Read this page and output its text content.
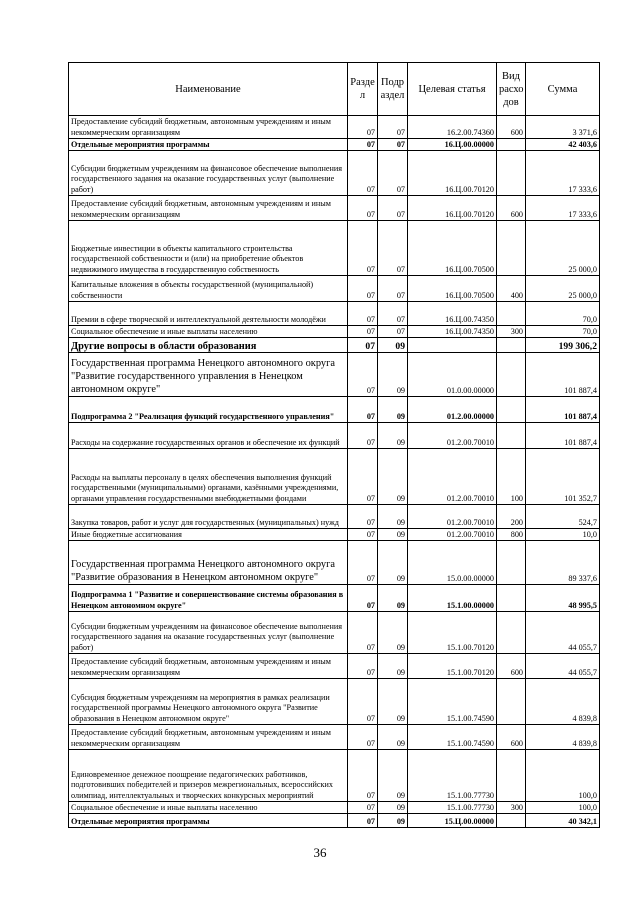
Наименование	Разде л	Подр аздел	Целевая статья	Вид расхо дов	Сумма
Предоставление субсидий бюджетным, автономным учреждениям и иным некоммерческим организациям	07	07	16.2.00.74360	600	3 371,6
Отдельные мероприятия программы	07	07	16.Ц.00.00000		42 403,6
Субсидии бюджетным учреждениям на финансовое обеспечение выполнения государственного задания на оказание государственных услуг (выполнение работ)	07	07	16.Ц.00.70120		17 333,6
Предоставление субсидий бюджетным, автономным учреждениям и иным некоммерческим организациям	07	07	16.Ц.00.70120	600	17 333,6
Бюджетные инвестиции в объекты капитального строительства государственной собственности и (или) на приобретение объектов недвижимого имущества в государственную собственность	07	07	16.Ц.00.70500		25 000,0
Капитальные вложения в объекты государственной (муниципальной) собственности	07	07	16.Ц.00.70500	400	25 000,0
Премии в сфере творческой и интеллектуальной деятельности молодёжи	07	07	16.Ц.00.74350		70,0
Социальное обеспечение и иные выплаты населению	07	07	16.Ц.00.74350	300	70,0
Другие вопросы в области образования	07	09			199 306,2
Государственная программа Ненецкого автономного округа "Развитие государственного управления в Ненецком автономном округе"	07	09	01.0.00.00000		101 887,4
Подпрограмма 2 "Реализация функций государственного управления"	07	09	01.2.00.00000		101 887,4
Расходы на содержание государственных органов и обеспечение их функций	07	09	01.2.00.70010		101 887,4
Расходы на выплаты персоналу в целях обеспечения выполнения функций государственными (муниципальными) органами, казёнными учреждениями, органами управления государственными внебюджетными фондами	07	09	01.2.00.70010	100	101 352,7
Закупка товаров, работ и услуг для государственных (муниципальных) нужд	07	09	01.2.00.70010	200	524,7
Иные бюджетные ассигнования	07	09	01.2.00.70010	800	10,0
Государственная программа Ненецкого автономного округа "Развитие образования в Ненецком автономном округе"	07	09	15.0.00.00000		89 337,6
Подпрограмма 1 "Развитие и совершенствование системы образования в Ненецком автономном округе"	07	09	15.1.00.00000		48 995,5
Субсидии бюджетным учреждениям на финансовое обеспечение выполнения государственного задания на оказание государственных услуг (выполнение работ)	07	09	15.1.00.70120		44 055,7
Предоставление субсидий бюджетным, автономным учреждениям и иным некоммерческим организациям	07	09	15.1.00.70120	600	44 055,7
Субсидия бюджетным учреждениям на мероприятия в рамках реализации государственной программы Ненецкого автономного округа "Развитие образования в Ненецком автономном округе"	07	09	15.1.00.74590		4 839,8
Предоставление субсидий бюджетным, автономным учреждениям и иным некоммерческим организациям	07	09	15.1.00.74590	600	4 839,8
Единовременное денежное поощрение педагогических работников, подготовивших победителей и призеров межрегиональных, всероссийских олимпиад, интеллектуальных и творческих конкурсных мероприятий	07	09	15.1.00.77730		100,0
Социальное обеспечение и иные выплаты населению	07	09	15.1.00.77730	300	100,0
Отдельные мероприятия программы	07	09	15.Ц.00.00000		40 342,1
36
